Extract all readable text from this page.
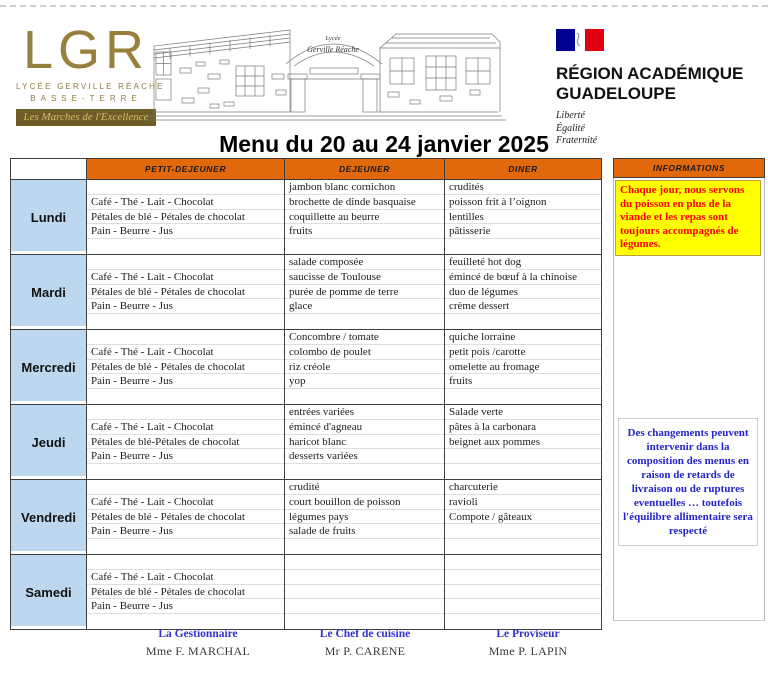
LGR
LYCÉE GERVILLE RÉACHE
BASSE-TERRE
Les Marches de l'Excellence
Lycée
Gerville Réache
RÉGION ACADÉMIQUE
GUADELOUPE
Liberté
Égalité
Fraternité
Menu du 20 au 24 janvier 2025
PETIT-DEJEUNER	DEJEUNER	DINER
Lundi

Café - Thé - Lait - Chocolat
Pétales de blé - Pétales de chocolat
Pain - Beurre - Jus

jambon blanc cornichon
brochette de dinde basquaise
coquillette au beurre
fruits

crudités
poisson frit à l’oignon
lentilles
pâtisserie

Mardi

Café - Thé - Lait - Chocolat
Pétales de blé - Pétales de chocolat
Pain - Beurre - Jus

salade composée
saucisse de Toulouse
purée de pomme de terre
glace

feuilleté hot dog
émincé de bœuf à la chinoise
duo de légumes
crème dessert

Mercredi

Café - Thé - Lait - Chocolat
Pétales de blé - Pétales de chocolat
Pain - Beurre - Jus

Concombre / tomate
colombo de poulet
riz créole
yop

quiche lorraine
petit pois /carotte
omelette au fromage
fruits

Jeudi

Café - Thé - Lait - Chocolat
Pétales de blé-Pétales de chocolat
Pain - Beurre - Jus

entrées variées
émincé d'agneau
haricot blanc
desserts variées

Salade verte
pâtes à la carbonara
beignet aux pommes

Vendredi

Café - Thé - Lait - Chocolat
Pétales de blé - Pétales de chocolat
Pain - Beurre - Jus

crudité
court bouillon de poisson
légumes pays
salade de fruits

charcuterie
ravioli
Compote / gâteaux

Samedi

Café - Thé - Lait - Chocolat
Pétales de blé - Pétales de chocolat
Pain - Beurre - Jus

INFORMATIONS
Chaque jour, nous servons du poisson en plus de la viande et les repas sont toujours accompagnés de légumes.
Des changements peuvent intervenir dans la composition des menus en raison de retards de livraison ou de ruptures eventuelles … toutefois l'équilibre allimentaire sera respecté
La Gestionnaire
Mme F. MARCHAL
Le Chef de cuisine
Mr P. CARENE
Le Proviseur
Mme P. LAPIN
